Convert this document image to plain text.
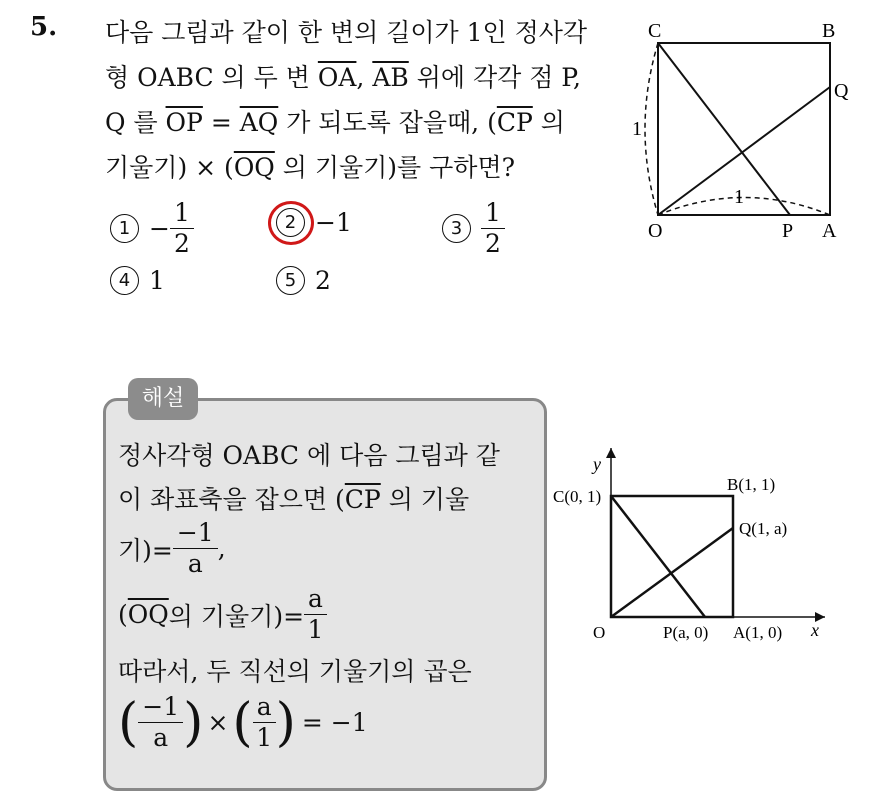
5. 다음 그림과 같이 한 변의 길이가 1인 정사각
형 OABC 의 두 변 $\overline{OA}$, $\overline{AB}$ 위에 각각 점 P,
Q 를 $\overline{OP} = \overline{AQ}$ 가 되도록 잡을때, ($\overline{CP}$ 의
기울기) × ($\overline{OQ}$ 의 기울기)를 구하면?
$1 - \frac{1}{2}$	2 −1	$3 \frac{1}{2}$
4 1	5 2
C	B
Q
O	P A
1
1
해설
정사각형 OABC 에 다음 그림과 같
이 좌표축을 잡으면 ($\overline{CP}$ 의 기울
기)= $\frac{-1}{a}$ ,
( $\overline{OQ}$ 의 기울기)= $\frac{a}{1}$
따라서, 두 직선의 기울기의 곱은
( $\frac{-1}{a}$ ) × ( $\frac{a}{1}$ ) = −1
y
x
C(0, 1)
B(1, 1)
Q(1, a)
O	P(a, 0) A(1, 0)
